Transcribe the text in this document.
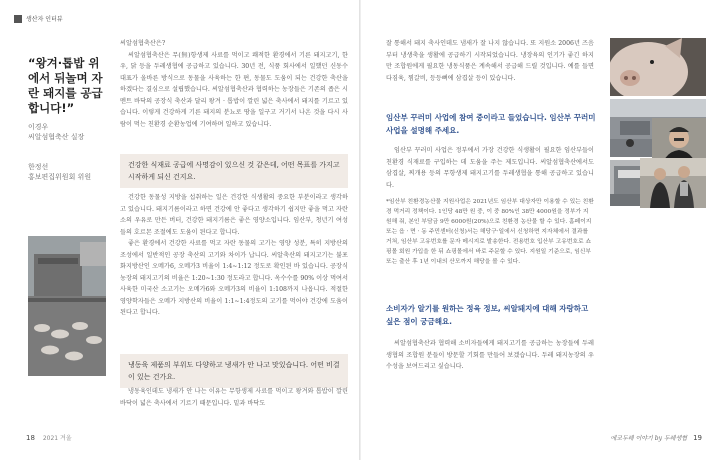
생산자 인터뷰
“왕겨·톱밥 위에서 뒤놀며 자란 돼지를 공급합니다!”
이경우
씨알섬협축산 실장
한정선
홍보편집위원회 위원
씨알섬협축산은?
씨알섬협축산은 무(無)항생제 사료를 먹이고 쾌적한 환경에서 기른 돼지고기, 한우, 닭 등을 두레생협에 공급하고 있습니다. 30년 전, 식품 회사에서 일했던 신동수 대표가 올바른 방식으로 동물을 사육하는 한 편, 동물도 도움이 되는 건강한 축산을 하겠다는 결심으로 설립했습니다. 씨알섬협축산과 협력하는 농장들은 기존의 좁은 시멘트 바닥의 공장식 축산과 달리 왕겨 · 톱밥이 깔린 넓은 축사에서 돼지를 기르고 있습니다. 이렇게 건강하게 기른 돼지의 분뇨로 땅을 일구고 거기서 나온 것을 다시 사람이 먹는 친환경 순환농업에 기여하며 일하고 있습니다.
건강한 식재료 공급에 사명감이 있으신 것 같은데, 어떤 목표를 가지고 시작하게 되신 건지요.
건강한 동물성 지방을 섭취하는 일은 건강한 식생활의 중요한 부분이라고 생각하고 있습니다. 돼지기름이라고 하면 건강에 안 좋다고 생각하기 쉽지만 좋을 먹고 자란 소의 우유로 만든 버터, 건강한 돼지기름은 좋은 영양소입니다. 임산부, 청년기 여성들의 호르몬 조절에도 도움이 된다고 합니다.
좋은 환경에서 건강한 사료를 먹고 자란 동물의 고기는 영양 성분, 특히 지방산의 조성에서 일반적인 공장 축산의 고기와 차이가 납니다. 씨알축산의 돼지고기는 불포화지방산인 오메가6, 오메가3 비율이 1:4~1:12 정도로 확인된 바 있습니다. 공장식 농장의 돼지고기의 비율은 1:20~1:30 정도라고 합니다. 옥수수를 90% 이상 먹여서 사육한 미국산 소고기는 오메가6와 오메가3의 비율이 1:108까지 나옵니다. 적절한 영양학자들은 오메가 지방산의 비율이 1:1~1:4정도의 고기를 먹어야 건강에 도움이 된다고 합니다.
냉동육 제품의 부위도 다양하고 냉새가 안 나고 맛있습니다. 어떤 비결이 있는 건가요.
냉동육인데도 냉새가 안 나는 이유는 무항생제 사료를 먹이고 왕겨와 톱밥이 깔린 바닥이 넓은 축사에서 기르기 때문입니다. 밑과 바닥도
18 2021 겨울
잘 통해서 돼지 축사인데도 냄새가 잘 나지 않습니다. 또 지원소 2006년 즈음부터 냉생축을 생활에 공급하기 시작되었습니다. 냉장육의 인기가 좋긴 하지만 조합원에게 필요한 냉동식품은 계속해서 공급해 드릴 것입니다. 예를 들면 다짐육, 찜갈비, 등등뼈에 삼겹살 등이 있습니다.
임산부 꾸러미 사업에 참여 중이라고 들었습니다. 임산부 꾸러미 사업을 설명해 주세요.
임산부 꾸러미 사업은 정부에서 가장 건강한 식생활이 필요한 임산부들이 친환경 식재료를 구입하는 데 도움을 주는 제도입니다. 씨알섬협축산에서도 삼겹살, 찌개용 등의 무항생제 돼지고기를 두레생협을 통해 공급하고 있습니다.
*임산부 친환경농산물 지원사업은 2021년도 임산부 대상자만 이용할 수 있는 친환경 먹거리 정책이다. 1인당 48만 원 중, 이 중 80%인 38만 4000원을 정부가 지원해 줘, 본인 부담금 9만 6000원(20%)으로 친환경 농산물 할 수 있다. 홈페이지 또는 읍 · 면 · 동 주민센터(신청)서는 해당구·일에서 신청하면 지자체에서 결과를 거쳐, 임산부 고유번호를 문자 메시지로 발송한다. 전용번호 입산부 고유번호로 쇼핑몰 회원 가입을 한 뒤 쇼핑몰에서 바로 주문할 수 있다. 지원일 기준으로, 임신부 또는 출산 후 1년 이내의 산모까지 해당을 볼 수 있다.
소비자가 알기를 원하는 정육 정보, 씨알돼지에 대해 자랑하고 싶은 점이 궁금해요.
씨알섬협축산과 협력해 소비자들에게 돼지고기를 공급하는 농장들에 두레 생협의 조합원 분들이 방문할 기회를 만들어 보겠습니다. 두레 돼지농장의 우수성을 보여드리고 싶습니다.
에코두레 이야기 by 두레생협 19
